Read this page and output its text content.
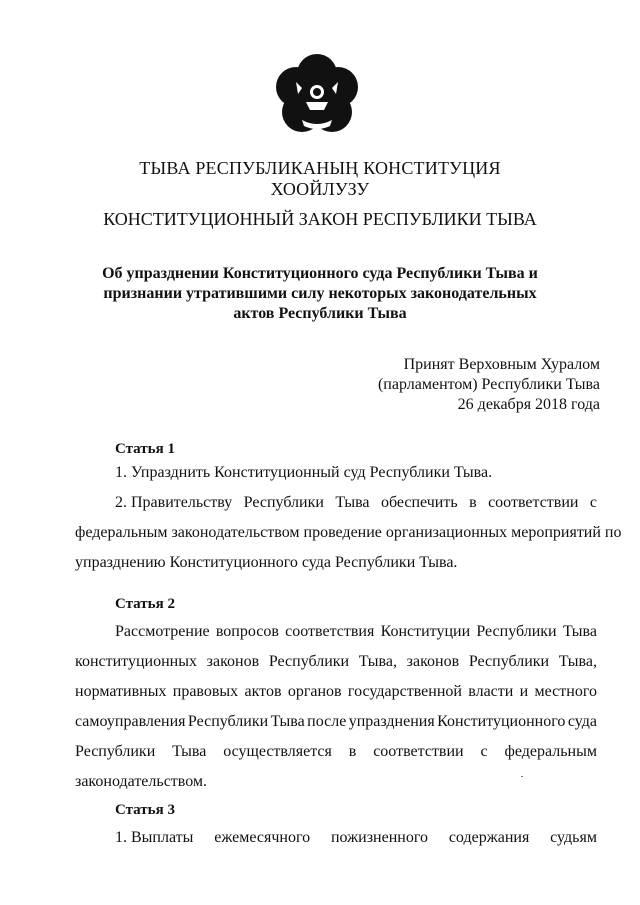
ТЫВА РЕСПУБЛИКАНЫҢ КОНСТИТУЦИЯ
ХООЙЛУЗУ
КОНСТИТУЦИОННЫЙ ЗАКОН РЕСПУБЛИКИ ТЫВА
Об упразднении Конституционного суда Республики Тыва и
признании утратившими силу некоторых законодательных
актов Республики Тыва
Принят Верховным Хуралом
(парламентом) Республики Тыва
26 декабря 2018 года
Статья 1
1. Упразднить Конституционный суд Республики Тыва.
2. Правительству Республики Тыва обеспечить в соответствии с
федеральным законодательством проведение организационных мероприятий по
упразднению Конституционного суда Республики Тыва.
Статья 2
Рассмотрение вопросов соответствия Конституции Республики Тыва
конституционных законов Республики Тыва, законов Республики Тыва,
нормативных правовых актов органов государственной власти и местного
самоуправления Республики Тыва после упразднения Конституционного суда
Республики Тыва осуществляется в соответствии с федеральным
законодательством.
Статья 3
1. Выплаты ежемесячного пожизненного содержания судьям
